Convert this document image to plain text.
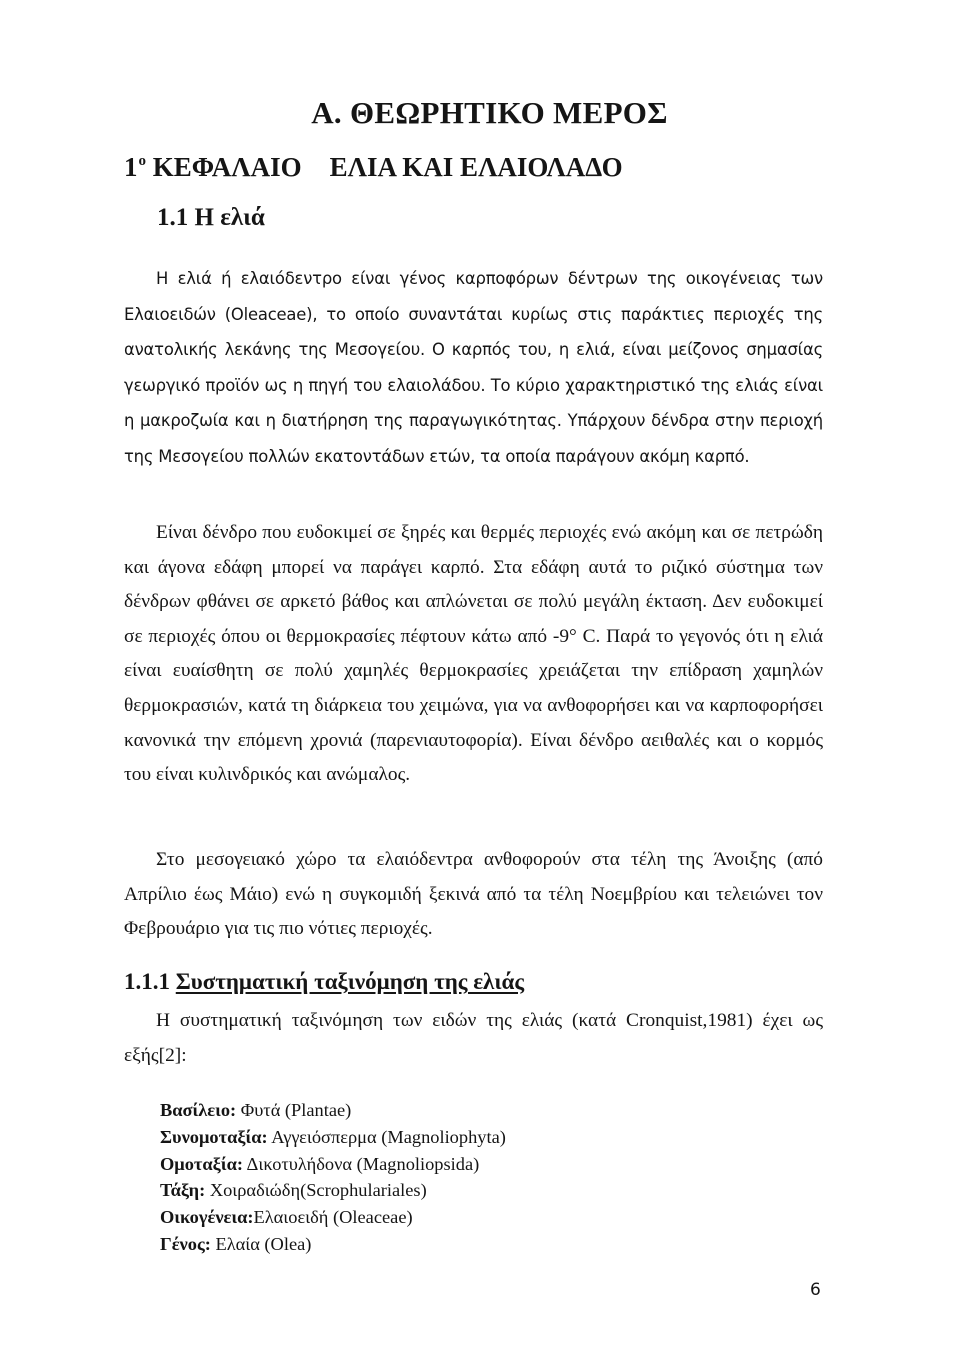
Α. ΘΕΩΡΗΤΙΚΟ ΜΕΡΟΣ
$1^o$ ΚΕΦΑΛΑΙΟ ΕΛΙΑ ΚΑΙ ΕΛΑΙΟΛΑΔΟ
1.1 Η ελιά

Η ελιά ή ελαιόδεντρο είναι γένος καρποφόρων δέντρων της οικογένειας των Ελαιοειδών (Oleaceae), το οποίο συναντάται κυρίως στις παράκτιες περιοχές της ανατολικής λεκάνης της Μεσογείου. Ο καρπός του, η ελιά, είναι μείζονος σημασίας γεωργικό προϊόν ως η πηγή του ελαιολάδου. Το κύριο χαρακτηριστικό της ελιάς είναι η μακροζωία και η διατήρηση της παραγωγικότητας. Υπάρχουν δένδρα στην περιοχή της Μεσογείου πολλών εκατοντάδων ετών, τα οποία παράγουν ακόμη καρπό.

Είναι δένδρο που ευδοκιμεί σε ξηρές και θερμές περιοχές ενώ ακόμη και σε πετρώδη και άγονα εδάφη μπορεί να παράγει καρπό. Στα εδάφη αυτά το ριζικό σύστημα των δένδρων φθάνει σε αρκετό βάθος και απλώνεται σε πολύ μεγάλη έκταση. Δεν ευδοκιμεί σε περιοχές όπου οι θερμοκρασίες πέφτουν κάτω από -9° C. Παρά το γεγονός ότι η ελιά είναι ευαίσθητη σε πολύ χαμηλές θερμοκρασίες χρειάζεται την επίδραση χαμηλών θερμοκρασιών, κατά τη διάρκεια του χειμώνα, για να ανθοφορήσει και να καρποφορήσει κανονικά την επόμενη χρονιά (παρενιαυτοφορία). Είναι δένδρο αειθαλές και ο κορμός του είναι κυλινδρικός και ανώμαλος.

Στο μεσογειακό χώρο τα ελαιόδεντρα ανθοφορούν στα τέλη της Άνοιξης (από Απρίλιο έως Μάιο) ενώ η συγκομιδή ξεκινά από τα τέλη Νοεμβρίου και τελειώνει τον Φεβρουάριο για τις πιο νότιες περιοχές.

1.1.1 Συστηματική ταξινόμηση της ελιάς

Η συστηματική ταξινόμηση των ειδών της ελιάς (κατά Cronquist,1981) έχει ως εξής[2]:

Βασίλειο: Φυτά (Plantae)
Συνομοταξία: Αγγειόσπερμα (Magnoliophyta)
Ομοταξία: Δικοτυλήδονα (Magnoliopsida)
Τάξη: Χοιραδιώδη(Scrophulariales)
Οικογένεια:Ελαιοειδή (Oleaceae)
Γένος: Ελαία (Olea)
6
